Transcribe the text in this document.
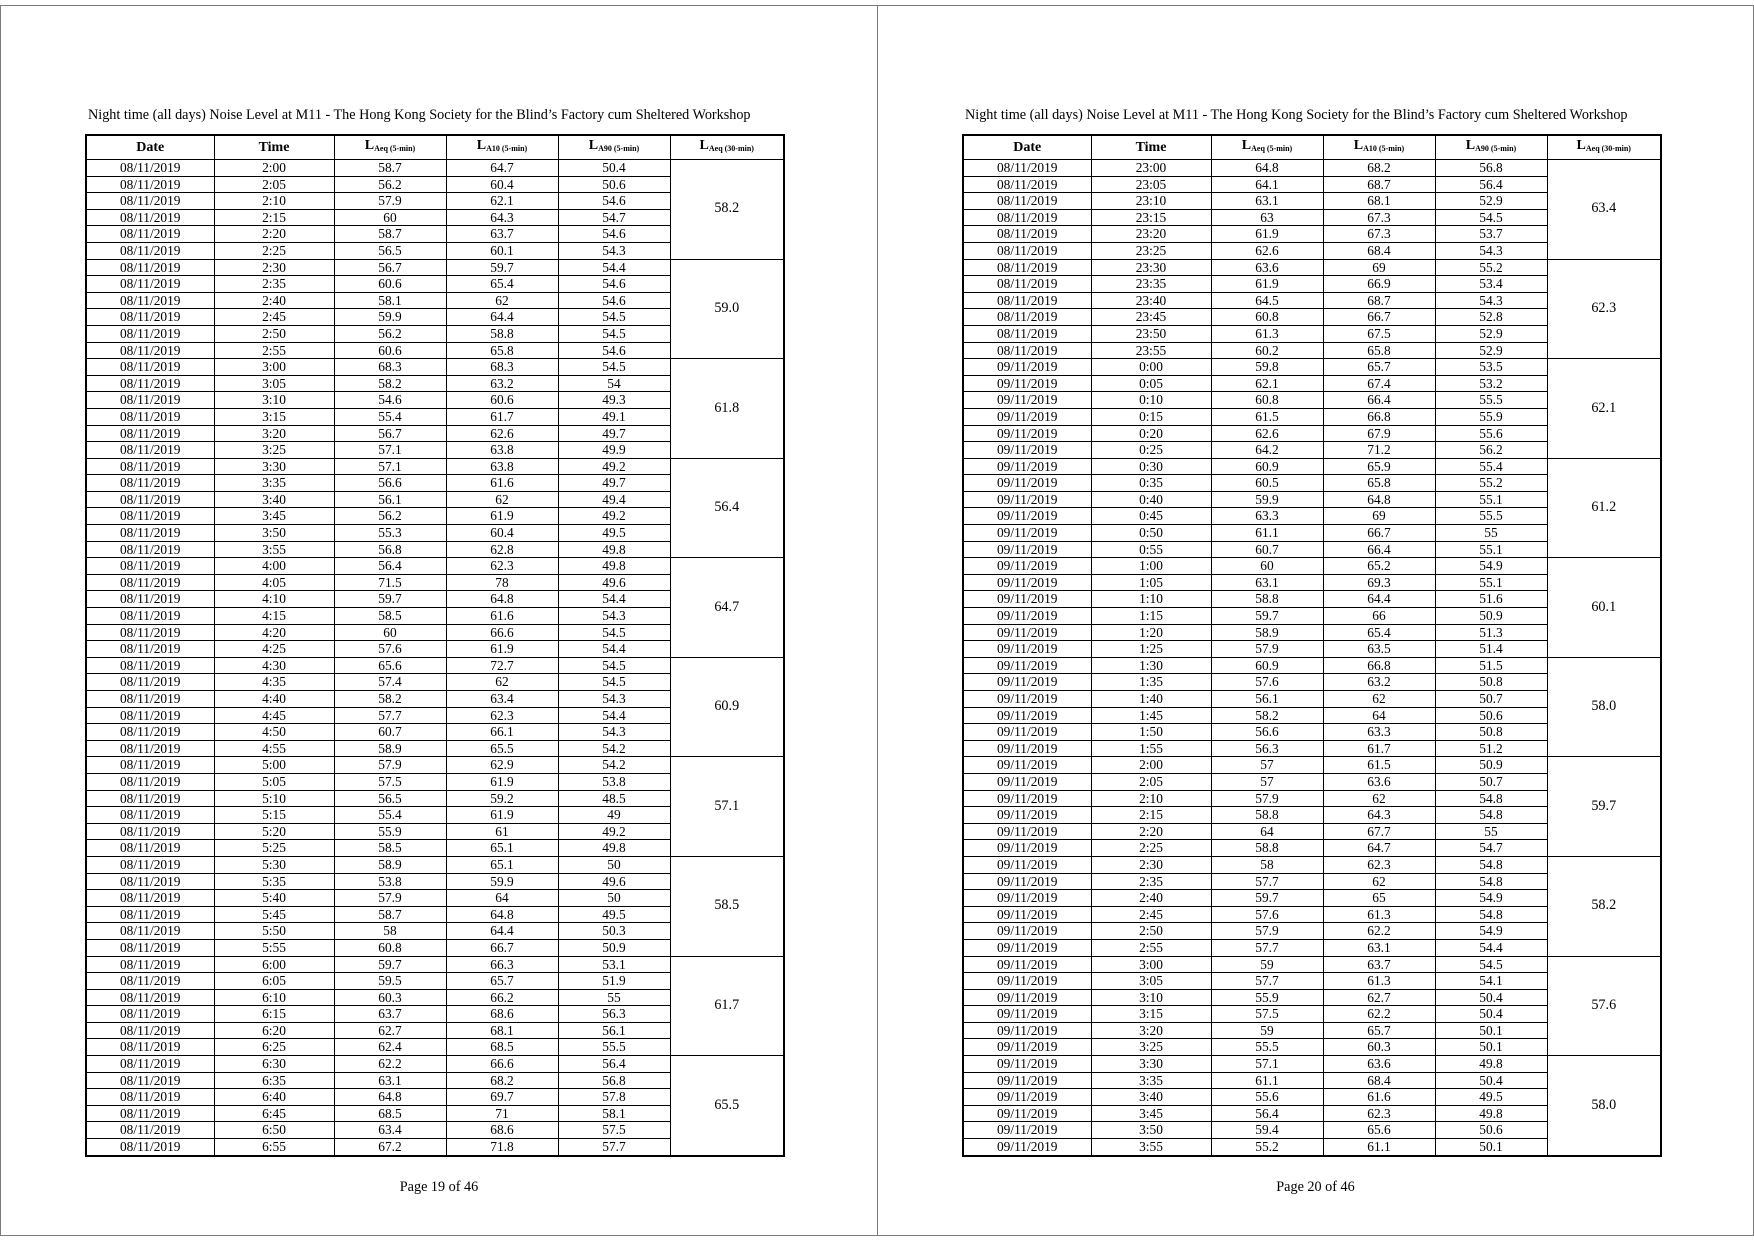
Night time (all days) Noise Level at M11 - The Hong Kong Society for the Blind’s Factory cum Sheltered Workshop
Date	Time	$L_{Aeq (5-min)}$	$L_{A10 (5-min)}$	$L_{A90 (5-min)}$	$L_{Aeq (30-min)}$
08/11/2019	2:00	58.7	64.7	50.4	58.2
08/11/2019	2:05	56.2	60.4	50.6	
08/11/2019	2:10	57.9	62.1	54.6	
08/11/2019	2:15	60	64.3	54.7	
08/11/2019	2:20	58.7	63.7	54.6	
08/11/2019	2:25	56.5	60.1	54.3	
08/11/2019	2:30	56.7	59.7	54.4	59.0
08/11/2019	2:35	60.6	65.4	54.6	
08/11/2019	2:40	58.1	62	54.6	
08/11/2019	2:45	59.9	64.4	54.5	
08/11/2019	2:50	56.2	58.8	54.5	
08/11/2019	2:55	60.6	65.8	54.6	
08/11/2019	3:00	68.3	68.3	54.5	61.8
08/11/2019	3:05	58.2	63.2	54	
08/11/2019	3:10	54.6	60.6	49.3	
08/11/2019	3:15	55.4	61.7	49.1	
08/11/2019	3:20	56.7	62.6	49.7	
08/11/2019	3:25	57.1	63.8	49.9	
08/11/2019	3:30	57.1	63.8	49.2	56.4
08/11/2019	3:35	56.6	61.6	49.7	
08/11/2019	3:40	56.1	62	49.4	
08/11/2019	3:45	56.2	61.9	49.2	
08/11/2019	3:50	55.3	60.4	49.5	
08/11/2019	3:55	56.8	62.8	49.8	
08/11/2019	4:00	56.4	62.3	49.8	64.7
08/11/2019	4:05	71.5	78	49.6	
08/11/2019	4:10	59.7	64.8	54.4	
08/11/2019	4:15	58.5	61.6	54.3	
08/11/2019	4:20	60	66.6	54.5	
08/11/2019	4:25	57.6	61.9	54.4	
08/11/2019	4:30	65.6	72.7	54.5	60.9
08/11/2019	4:35	57.4	62	54.5	
08/11/2019	4:40	58.2	63.4	54.3	
08/11/2019	4:45	57.7	62.3	54.4	
08/11/2019	4:50	60.7	66.1	54.3	
08/11/2019	4:55	58.9	65.5	54.2	
08/11/2019	5:00	57.9	62.9	54.2	57.1
08/11/2019	5:05	57.5	61.9	53.8	
08/11/2019	5:10	56.5	59.2	48.5	
08/11/2019	5:15	55.4	61.9	49	
08/11/2019	5:20	55.9	61	49.2	
08/11/2019	5:25	58.5	65.1	49.8	
08/11/2019	5:30	58.9	65.1	50	58.5
08/11/2019	5:35	53.8	59.9	49.6	
08/11/2019	5:40	57.9	64	50	
08/11/2019	5:45	58.7	64.8	49.5	
08/11/2019	5:50	58	64.4	50.3	
08/11/2019	5:55	60.8	66.7	50.9	
08/11/2019	6:00	59.7	66.3	53.1	61.7
08/11/2019	6:05	59.5	65.7	51.9	
08/11/2019	6:10	60.3	66.2	55	
08/11/2019	6:15	63.7	68.6	56.3	
08/11/2019	6:20	62.7	68.1	56.1	
08/11/2019	6:25	62.4	68.5	55.5	
08/11/2019	6:30	62.2	66.6	56.4	65.5
08/11/2019	6:35	63.1	68.2	56.8	
08/11/2019	6:40	64.8	69.7	57.8	
08/11/2019	6:45	68.5	71	58.1	
08/11/2019	6:50	63.4	68.6	57.5	
08/11/2019	6:55	67.2	71.8	57.7	
Page 19 of 46
Night time (all days) Noise Level at M11 - The Hong Kong Society for the Blind’s Factory cum Sheltered Workshop
Date	Time	$L_{Aeq (5-min)}$	$L_{A10 (5-min)}$	$L_{A90 (5-min)}$	$L_{Aeq (30-min)}$
08/11/2019	23:00	64.8	68.2	56.8	63.4
08/11/2019	23:05	64.1	68.7	56.4	
08/11/2019	23:10	63.1	68.1	52.9	
08/11/2019	23:15	63	67.3	54.5	
08/11/2019	23:20	61.9	67.3	53.7	
08/11/2019	23:25	62.6	68.4	54.3	
08/11/2019	23:30	63.6	69	55.2	62.3
08/11/2019	23:35	61.9	66.9	53.4	
08/11/2019	23:40	64.5	68.7	54.3	
08/11/2019	23:45	60.8	66.7	52.8	
08/11/2019	23:50	61.3	67.5	52.9	
08/11/2019	23:55	60.2	65.8	52.9	
09/11/2019	0:00	59.8	65.7	53.5	62.1
09/11/2019	0:05	62.1	67.4	53.2	
09/11/2019	0:10	60.8	66.4	55.5	
09/11/2019	0:15	61.5	66.8	55.9	
09/11/2019	0:20	62.6	67.9	55.6	
09/11/2019	0:25	64.2	71.2	56.2	
09/11/2019	0:30	60.9	65.9	55.4	61.2
09/11/2019	0:35	60.5	65.8	55.2	
09/11/2019	0:40	59.9	64.8	55.1	
09/11/2019	0:45	63.3	69	55.5	
09/11/2019	0:50	61.1	66.7	55	
09/11/2019	0:55	60.7	66.4	55.1	
09/11/2019	1:00	60	65.2	54.9	60.1
09/11/2019	1:05	63.1	69.3	55.1	
09/11/2019	1:10	58.8	64.4	51.6	
09/11/2019	1:15	59.7	66	50.9	
09/11/2019	1:20	58.9	65.4	51.3	
09/11/2019	1:25	57.9	63.5	51.4	
09/11/2019	1:30	60.9	66.8	51.5	58.0
09/11/2019	1:35	57.6	63.2	50.8	
09/11/2019	1:40	56.1	62	50.7	
09/11/2019	1:45	58.2	64	50.6	
09/11/2019	1:50	56.6	63.3	50.8	
09/11/2019	1:55	56.3	61.7	51.2	
09/11/2019	2:00	57	61.5	50.9	59.7
09/11/2019	2:05	57	63.6	50.7	
09/11/2019	2:10	57.9	62	54.8	
09/11/2019	2:15	58.8	64.3	54.8	
09/11/2019	2:20	64	67.7	55	
09/11/2019	2:25	58.8	64.7	54.7	
09/11/2019	2:30	58	62.3	54.8	58.2
09/11/2019	2:35	57.7	62	54.8	
09/11/2019	2:40	59.7	65	54.9	
09/11/2019	2:45	57.6	61.3	54.8	
09/11/2019	2:50	57.9	62.2	54.9	
09/11/2019	2:55	57.7	63.1	54.4	
09/11/2019	3:00	59	63.7	54.5	57.6
09/11/2019	3:05	57.7	61.3	54.1	
09/11/2019	3:10	55.9	62.7	50.4	
09/11/2019	3:15	57.5	62.2	50.4	
09/11/2019	3:20	59	65.7	50.1	
09/11/2019	3:25	55.5	60.3	50.1	
09/11/2019	3:30	57.1	63.6	49.8	58.0
09/11/2019	3:35	61.1	68.4	50.4	
09/11/2019	3:40	55.6	61.6	49.5	
09/11/2019	3:45	56.4	62.3	49.8	
09/11/2019	3:50	59.4	65.6	50.6	
09/11/2019	3:55	55.2	61.1	50.1	
Page 20 of 46
